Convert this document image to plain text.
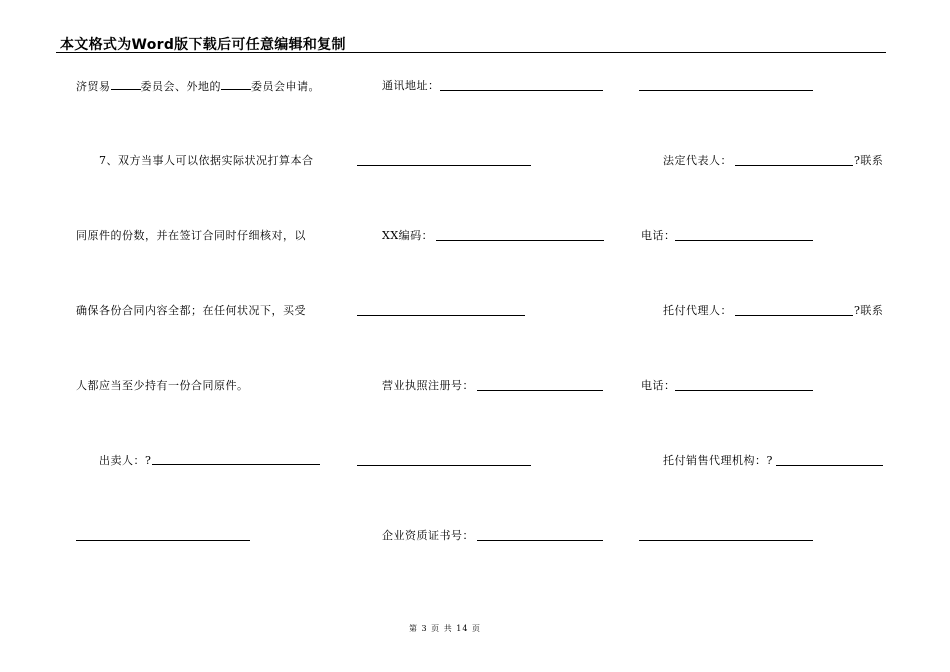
本文格式为Word版下载后可任意编辑和复制
济贸易	委员会、外地的	委员会申请。
7、双方当事人可以依据实际状况打算本合
同原件的份数，并在签订合同时仔细核对，以
确保各份合同内容全都；在任何状况下，买受
人都应当至少持有一份合同原件。
出卖人：?
通讯地址：
XX编码：
营业执照注册号：
企业资质证书号：
法定代表人：	?联系
电话：
托付代理人：	?联系
电话：
托付销售代理机构：?
第 3 页 共 14 页
